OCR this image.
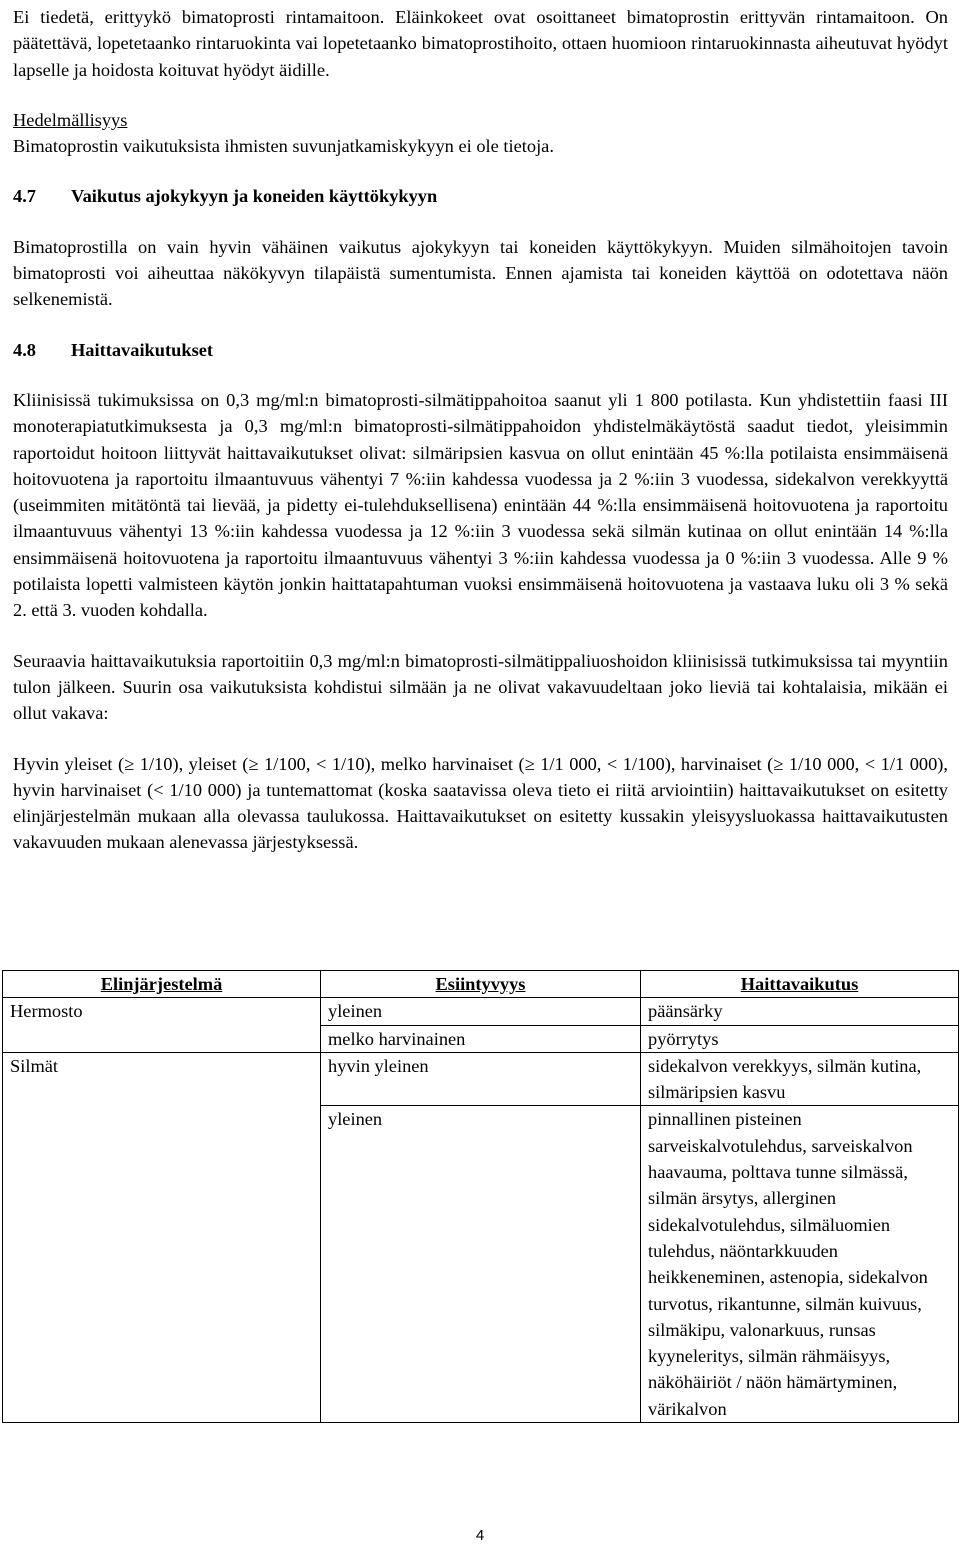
Ei tiedetä, erittyykö bimatoprosti rintamaitoon. Eläinkokeet ovat osoittaneet bimatoprostin erittyvän rintamaitoon. On päätettävä, lopetetaanko rintaruokinta vai lopetetaanko bimatoprostihoito, ottaen huomioon rintaruokinnasta aiheutuvat hyödyt lapselle ja hoidosta koituvat hyödyt äidille.

Hedelmällisyys

Bimatoprostin vaikutuksista ihmisten suvunjatkamiskykyyn ei ole tietoja.

4.7 Vaikutus ajokykyyn ja koneiden käyttökykyyn

Bimatoprostilla on vain hyvin vähäinen vaikutus ajokykyyn tai koneiden käyttökykyyn. Muiden silmähoitojen tavoin bimatoprosti voi aiheuttaa näkökyvyn tilapäistä sumentumista. Ennen ajamista tai koneiden käyttöä on odotettava näön selkenemistä.

4.8 Haittavaikutukset

Kliinisissä tukimuksissa on 0,3 mg/ml:n bimatoprosti-silmätippahoitoa saanut yli 1 800 potilasta. Kun yhdistettiin faasi III monoterapiatutkimuksesta ja 0,3 mg/ml:n bimatoprosti-silmätippahoidon yhdistelmäkäytöstä saadut tiedot, yleisimmin raportoidut hoitoon liittyvät haittavaikutukset olivat: silmäripsien kasvua on ollut enintään 45 %:lla potilaista ensimmäisenä hoitovuotena ja raportoitu ilmaantuvuus vähentyi 7 %:iin kahdessa vuodessa ja 2 %:iin 3 vuodessa, sidekalvon verekkyyttä (useimmiten mitätöntä tai lievää, ja pidetty ei-tulehduksellisena) enintään 44 %:lla ensimmäisenä hoitovuotena ja raportoitu ilmaantuvuus vähentyi 13 %:iin kahdessa vuodessa ja 12 %:iin 3 vuodessa sekä silmän kutinaa on ollut enintään 14 %:lla ensimmäisenä hoitovuotena ja raportoitu ilmaantuvuus vähentyi 3 %:iin kahdessa vuodessa ja 0 %:iin 3 vuodessa. Alle 9 % potilaista lopetti valmisteen käytön jonkin haittatapahtuman vuoksi ensimmäisenä hoitovuotena ja vastaava luku oli 3 % sekä 2. että 3. vuoden kohdalla.

Seuraavia haittavaikutuksia raportoitiin 0,3 mg/ml:n bimatoprosti-silmätippaliuoshoidon kliinisissä tutkimuksissa tai myyntiin tulon jälkeen. Suurin osa vaikutuksista kohdistui silmään ja ne olivat vakavuudeltaan joko lieviä tai kohtalaisia, mikään ei ollut vakava:

Hyvin yleiset (≥ 1/10), yleiset (≥ 1/100, < 1/10), melko harvinaiset (≥ 1/1 000, < 1/100), harvinaiset (≥ 1/10 000, < 1/1 000), hyvin harvinaiset (< 1/10 000) ja tuntemattomat (koska saatavissa oleva tieto ei riitä arviointiin) haittavaikutukset on esitetty elinjärjestelmän mukaan alla olevassa taulukossa. Haittavaikutukset on esitetty kussakin yleisyysluokassa haittavaikutusten vakavuuden mukaan alenevassa järjestyksessä.

Elinjärjestelmä	Esiintyvyys	Haittavaikutus
Hermosto	yleinen	päänsärky
	melko harvinainen	pyörrytys
Silmät	hyvin yleinen	sidekalvon verekkyys, silmän kutina, silmäripsien kasvu
	yleinen	pinnallinen pisteinen sarveiskalvotulehdus, sarveiskalvon haavauma, polttava tunne silmässä, silmän ärsytys, allerginen sidekalvotulehdus, silmäluomien tulehdus, näöntarkkuuden heikkeneminen, astenopia, sidekalvon turvotus, rikantunne, silmän kuivuus, silmäkipu, valonarkuus, runsas kyyneleritys, silmän rähmäisyys, näköhäiriöt / näön hämärtyminen, värikalvon
4
